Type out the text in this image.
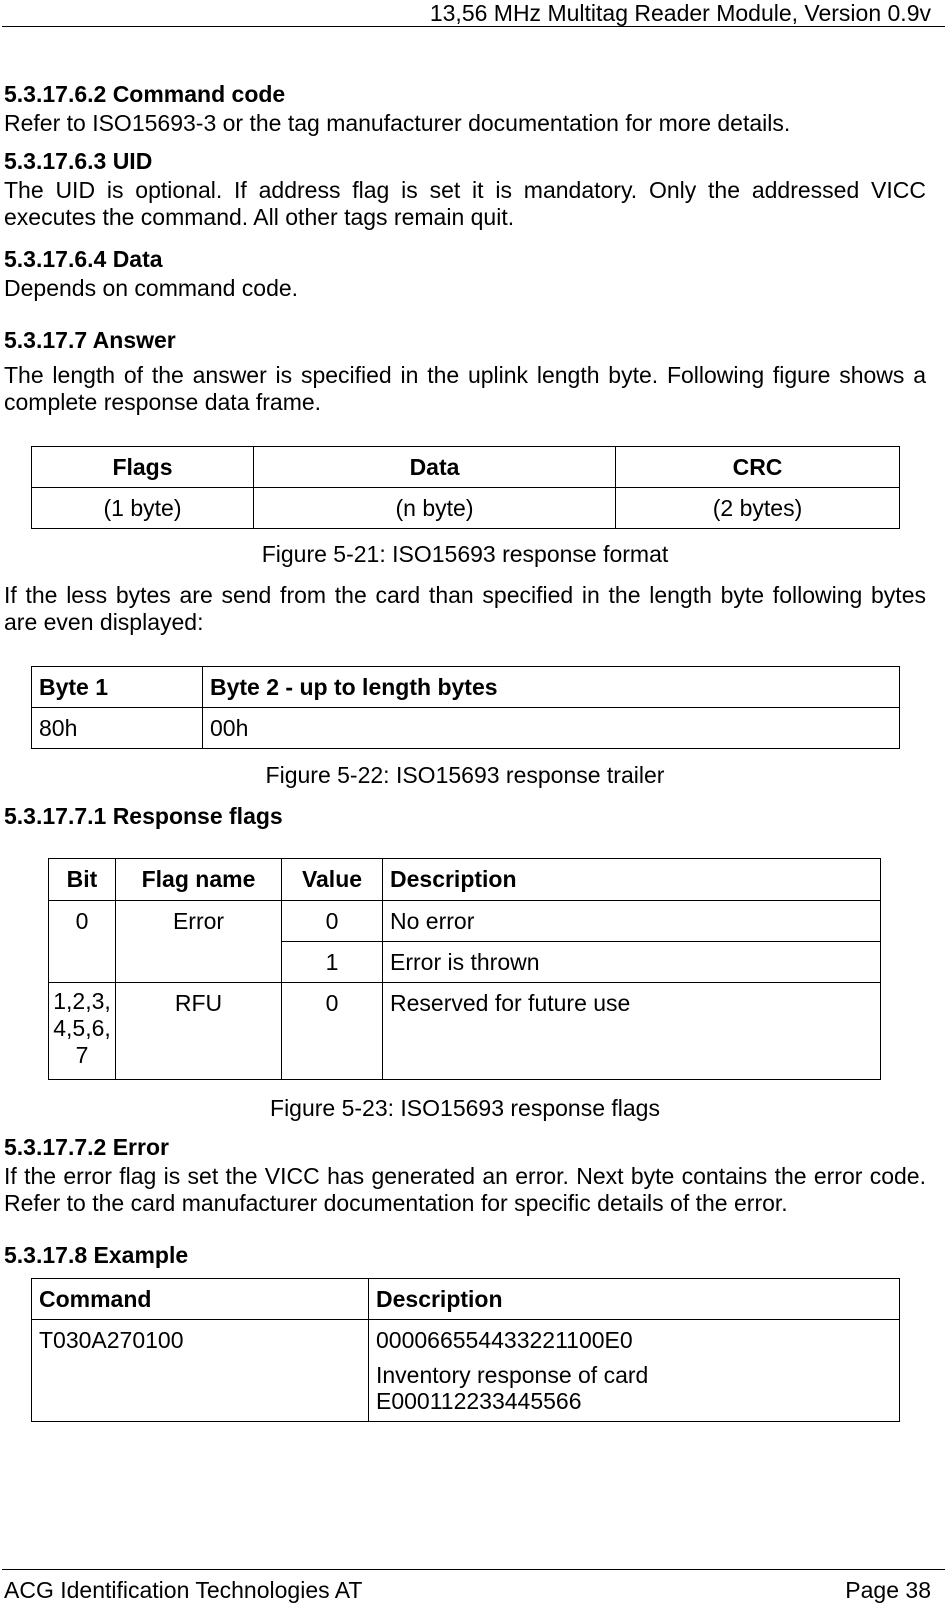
13,56 MHz Multitag Reader Module, Version 0.9v
5.3.17.6.2 Command code
Refer to ISO15693-3 or the tag manufacturer documentation for more details.
5.3.17.6.3 UID
The UID is optional. If address flag is set it is mandatory. Only the addressed VICC executes the command. All other tags remain quit.
5.3.17.6.4 Data
Depends on command code.
5.3.17.7 Answer
The length of the answer is specified in the uplink length byte. Following figure shows a complete response data frame.
Flags	Data	CRC
(1 byte)	(n byte)	(2 bytes)
Figure 5-21: ISO15693 response format
If the less bytes are send from the card than specified in the length byte following bytes are even displayed:
Byte 1	Byte 2 - up to length bytes
80h	00h
Figure 5-22: ISO15693 response trailer
5.3.17.7.1 Response flags
Bit	Flag name	Value	Description
0	Error	0	No error
		1	Error is thrown
1,2,3, 4,5,6, 7	RFU	0	Reserved for future use
Figure 5-23: ISO15693 response flags
5.3.17.7.2 Error
If the error flag is set the VICC has generated an error. Next byte contains the error code. Refer to the card manufacturer documentation for specific details of the error.
5.3.17.8 Example
Command	Description
T030A270100	000066554433221100E0
Inventory response of card E000112233445566
ACG Identification Technologies AT	Page 38
